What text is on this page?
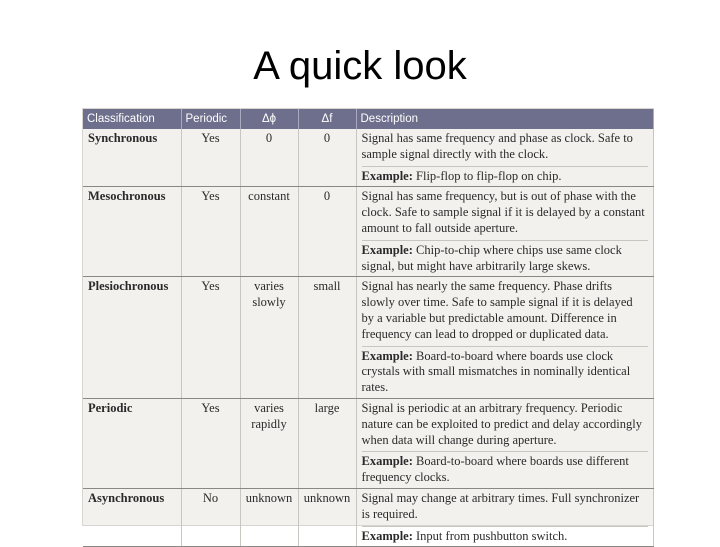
A quick look
Classification	Periodic	Δϕ	Δf	Description
Synchronous	Yes	0	0	Signal has same frequency and phase as clock. Safe to sample signal directly with the clock.
Example: Flip-flop to flip-flop on chip.

Mesochronous	Yes	constant	0	Signal has same frequency, but is out of phase with the clock. Safe to sample signal if it is delayed by a constant amount to fall outside aperture.
Example: Chip-to-chip where chips use same clock signal, but might have arbitrarily large skews.

Plesiochronous	Yes	varies slowly	small	Signal has nearly the same frequency. Phase drifts slowly over time. Safe to sample signal if it is delayed by a variable but predictable amount. Difference in frequency can lead to dropped or duplicated data.
Example: Board-to-board where boards use clock crystals with small mismatches in nominally identical rates.

Periodic	Yes	varies rapidly	large	Signal is periodic at an arbitrary frequency. Periodic nature can be exploited to predict and delay accordingly when data will change during aperture.
Example: Board-to-board where boards use different frequency clocks.

Asynchronous	No	unknown	unknown	Signal may change at arbitrary times. Full synchronizer is required.
Example: Input from pushbutton switch.
